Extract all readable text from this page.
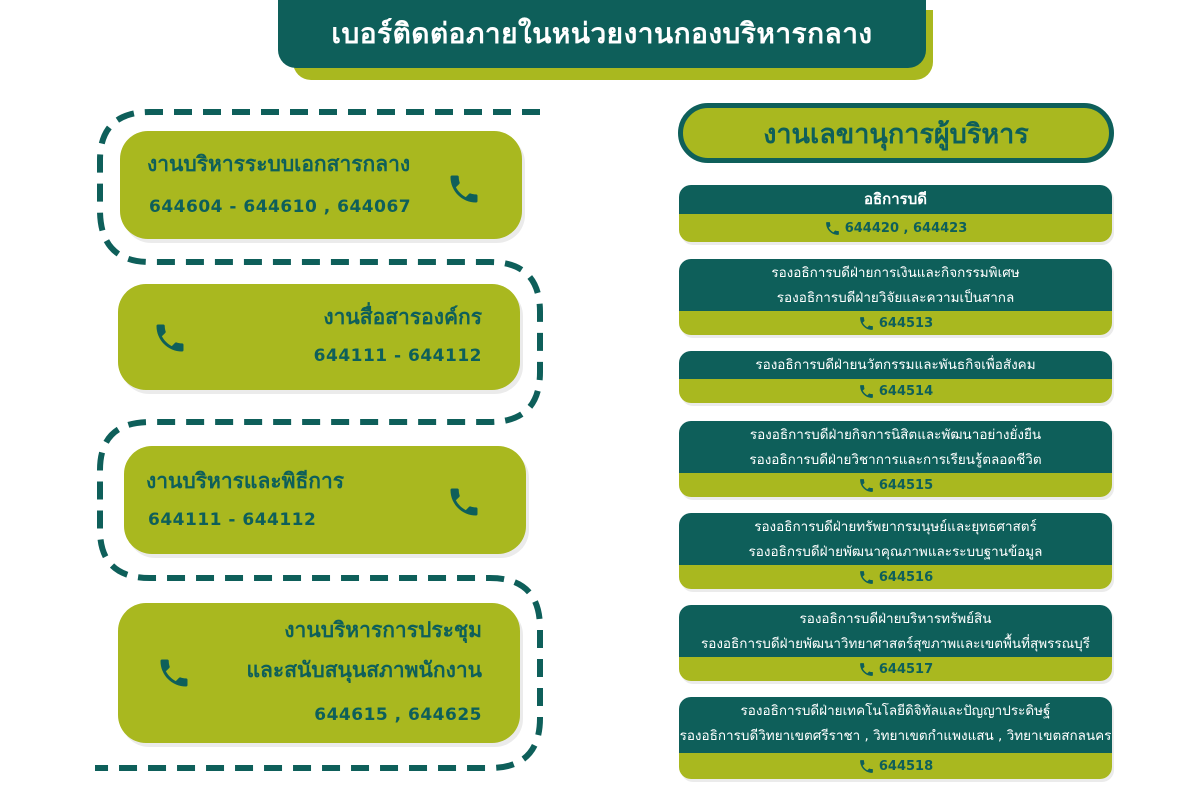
เบอร์ติดต่อภายในหน่วยงานกองบริหารกลาง
งานบริหารระบบเอกสารกลาง
644604 - 644610 , 644067
งานสื่อสารองค์กร
644111 - 644112
งานบริหารและพิธีการ
644111 - 644112
งานบริหารการประชุม
และสนับสนุนสภาพนักงาน
644615 , 644625
งานเลขานุการผู้บริหาร
อธิการบดี
644420 , 644423
รองอธิการบดีฝ่ายการเงินและกิจกรรมพิเศษ
รองอธิการบดีฝ่ายวิจัยและความเป็นสากล
644513
รองอธิการบดีฝ่ายนวัตกรรมและพันธกิจเพื่อสังคม
644514
รองอธิการบดีฝ่ายกิจการนิสิตและพัฒนาอย่างยั่งยืน
รองอธิการบดีฝ่ายวิชาการและการเรียนรู้ตลอดชีวิต
644515
รองอธิการบดีฝ่ายทรัพยากรมนุษย์และยุทธศาสตร์
รองอธิกรบดีฝ่ายพัฒนาคุณภาพและระบบฐานข้อมูล
644516
รองอธิการบดีฝ่ายบริหารทรัพย์สิน
รองอธิการบดีฝ่ายพัฒนาวิทยาศาสตร์สุขภาพและเขตพื้นที่สุพรรณบุรี
644517
รองอธิการบดีฝ่ายเทคโนโลยีดิจิทัลและปัญญาประดิษฐ์
รองอธิการบดีวิทยาเขตศรีราชา , วิทยาเขตกำแพงแสน , วิทยาเขตสกลนคร
644518
